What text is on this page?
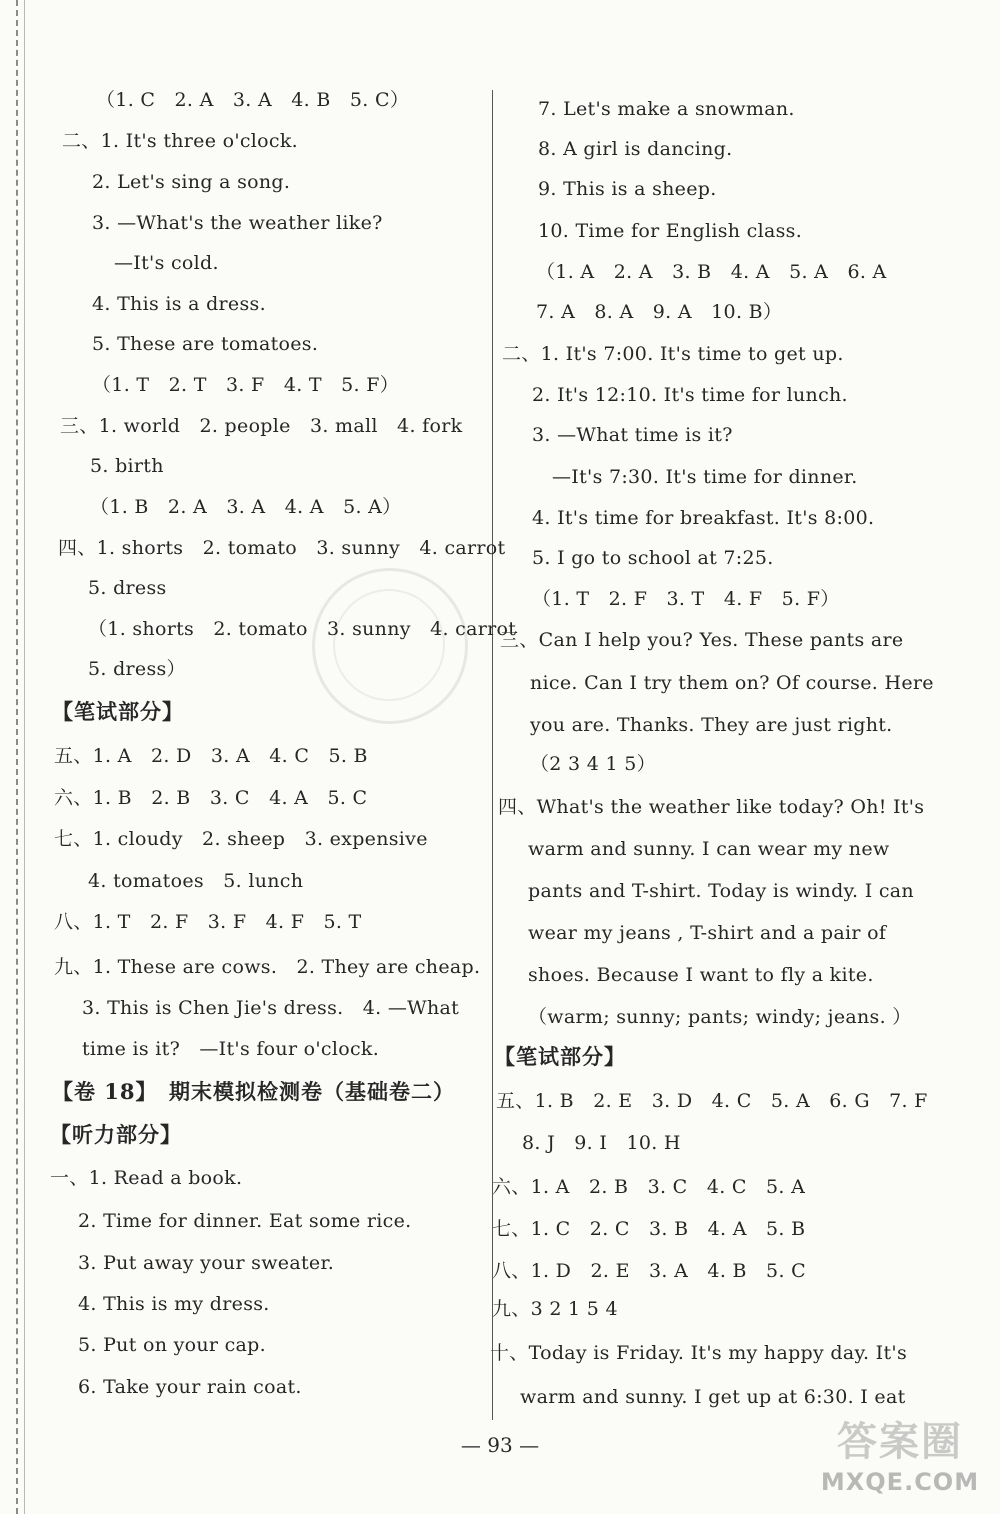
（1. C　2. A　3. A　4. B　5. C）
二、1. It's three o'clock.
2. Let's sing a song.
3. —What's the weather like?
—It's cold.
4. This is a dress.
5. These are tomatoes.
（1. T　2. T　3. F　4. T　5. F）
三、1. world　2. people　3. mall　4. fork
5. birth
（1. B　2. A　3. A　4. A　5. A）
四、1. shorts　2. tomato　3. sunny　4. carrot
5. dress
（1. shorts　2. tomato　3. sunny　4. carrot
5. dress）
【笔试部分】
五、1. A　2. D　3. A　4. C　5. B
六、1. B　2. B　3. C　4. A　5. C
七、1. cloudy　2. sheep　3. expensive
4. tomatoes　5. lunch
八、1. T　2. F　3. F　4. F　5. T
九、1. These are cows.　2. They are cheap.
3. This is Chen Jie's dress.　4. —What
time is it?　—It's four o'clock.
【卷 18】　期末模拟检测卷（基础卷二）
【听力部分】
一、1. Read a book.
2. Time for dinner. Eat some rice.
3. Put away your sweater.
4. This is my dress.
5. Put on your cap.
6. Take your rain coat.
7. Let's make a snowman.
8. A girl is dancing.
9. This is a sheep.
10. Time for English class.
（1. A　2. A　3. B　4. A　5. A　6. A
7. A　8. A　9. A　10. B）
二、1. It's 7:00. It's time to get up.
2. It's 12:10. It's time for lunch.
3. —What time is it?
—It's 7:30. It's time for dinner.
4. It's time for breakfast. It's 8:00.
5. I go to school at 7:25.
（1. T　2. F　3. T　4. F　5. F）
三、Can I help you? Yes. These pants are
nice. Can I try them on? Of course. Here
you are. Thanks. They are just right.
（2 3 4 1 5）
四、What's the weather like today? Oh! It's
warm and sunny. I can wear my new
pants and T-shirt. Today is windy. I can
wear my jeans , T-shirt and a pair of
shoes. Because I want to fly a kite.
（warm; sunny; pants; windy; jeans. ）
【笔试部分】
五、1. B　2. E　3. D　4. C　5. A　6. G　7. F
8. J　9. I　10. H
六、1. A　2. B　3. C　4. C　5. A
七、1. C　2. C　3. B　4. A　5. B
八、1. D　2. E　3. A　4. B　5. C
九、3 2 1 5 4
十、Today is Friday. It's my happy day. It's
warm and sunny. I get up at 6:30. I eat
— 93 —	答案圈
MXQE.COM
